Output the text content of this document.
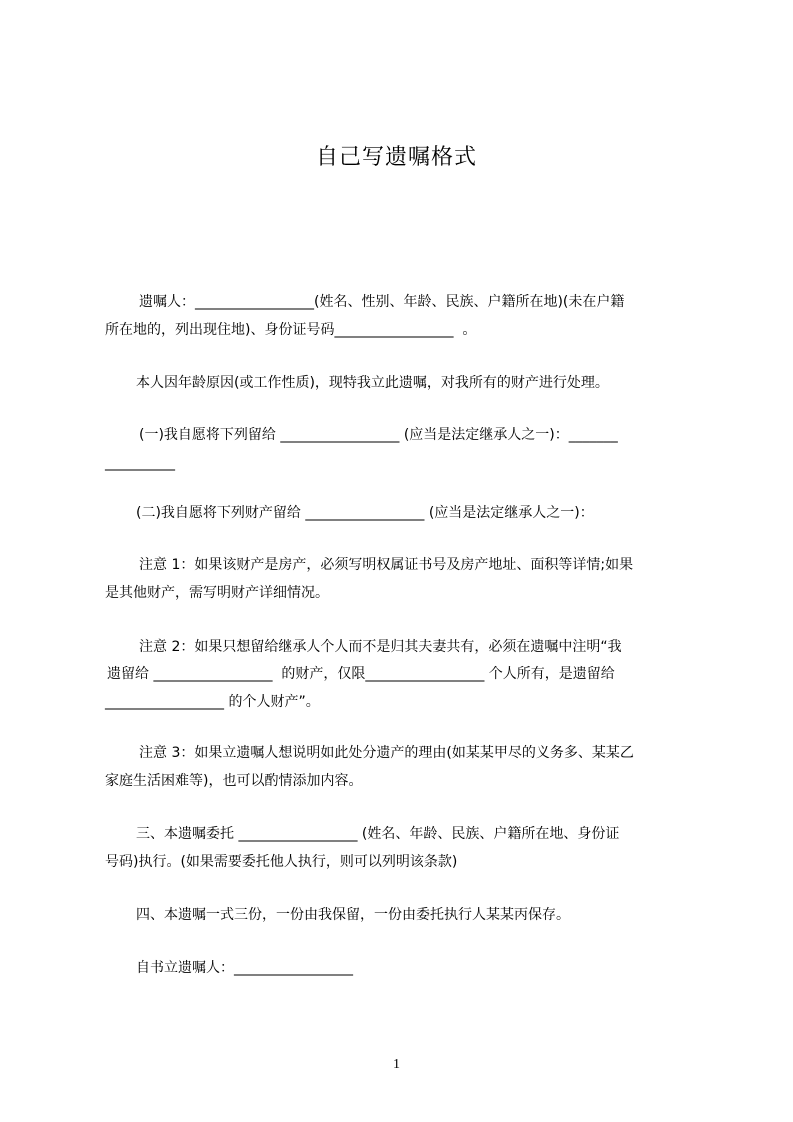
自己写遗嘱格式
遗嘱人：_________________(姓名、性别、年龄、民族、户籍所在地)(未在户籍
所在地的，列出现住地)、身份证号码_________________  。
本人因年龄原因(或工作性质)，现特我立此遗嘱，对我所有的财产进行处理。
(一)我自愿将下列留给 _________________ (应当是法定继承人之一)：_______
__________
(二)我自愿将下列财产留给 _________________ (应当是法定继承人之一)：
注意 1：如果该财产是房产，必须写明权属证书号及房产地址、面积等详情;如果
是其他财产，需写明财产详细情况。
注意 2：如果只想留给继承人个人而不是归其夫妻共有，必须在遗嘱中注明“我
遗留给 _________________  的财产，仅限_________________ 个人所有，是遗留给
_________________ 的个人财产”。
注意 3：如果立遗嘱人想说明如此处分遗产的理由(如某某甲尽的义务多、某某乙
家庭生活困难等)，也可以酌情添加内容。
三、本遗嘱委托 _________________ (姓名、年龄、民族、户籍所在地、身份证
号码)执行。(如果需要委托他人执行，则可以列明该条款)
四、本遗嘱一式三份，一份由我保留，一份由委托执行人某某丙保存。
自书立遗嘱人：_________________
1
